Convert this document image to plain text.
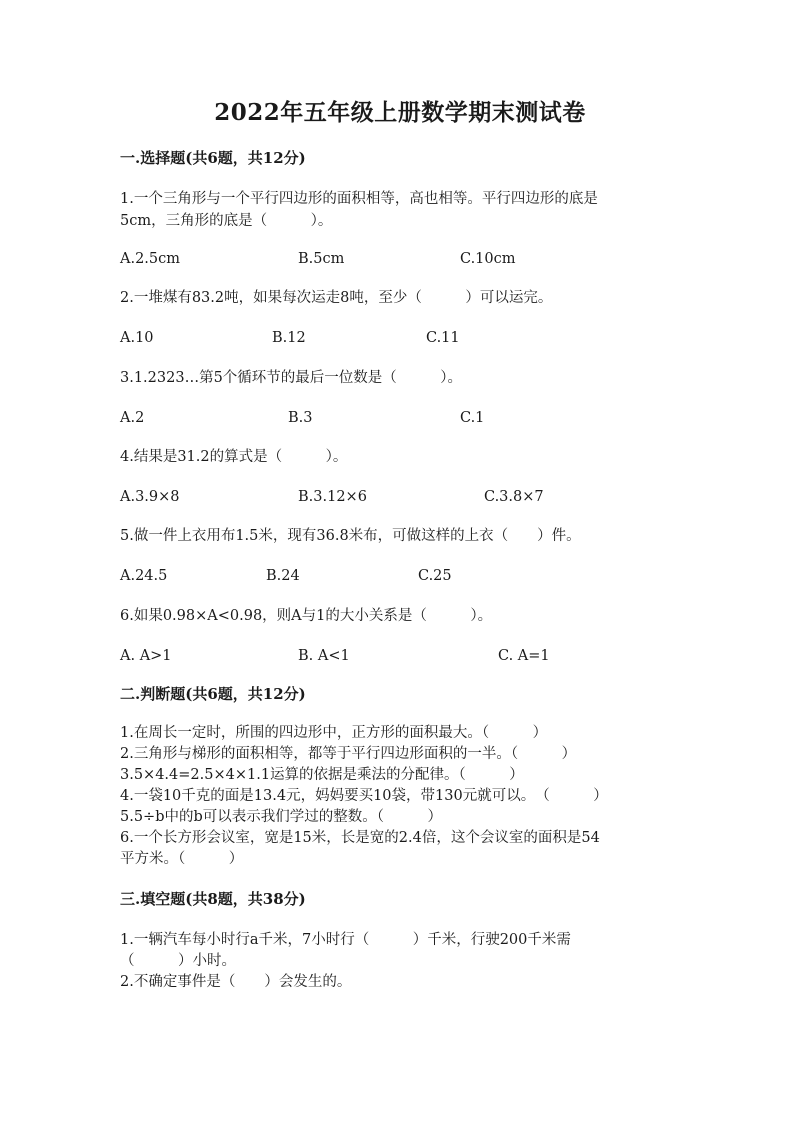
2022年五年级上册数学期末测试卷
一.选择题(共6题，共12分)
1.一个三角形与一个平行四边形的面积相等，高也相等。平行四边形的底是
5cm，三角形的底是（　　　）。
A.2.5cm	B.5cm	C.10cm
2.一堆煤有83.2吨，如果每次运走8吨，至少（　　　）可以运完。
A.10	B.12	C.11
3.1.2323…第5个循环节的最后一位数是（　　　）。
A.2	B.3	C.1
4.结果是31.2的算式是（　　　）。
A.3.9×8	B.3.12×6	C.3.8×7
5.做一件上衣用布1.5米，现有36.8米布，可做这样的上衣（　　）件。
A.24.5	B.24	C.25
6.如果0.98×A<0.98，则A与1的大小关系是（　　　）。
A. A>1	B. A<1	C. A=1
二.判断题(共6题，共12分)
1.在周长一定时，所围的四边形中，正方形的面积最大。（　　　）
2.三角形与梯形的面积相等，都等于平行四边形面积的一半。（　　　）
3.5×4.4=2.5×4×1.1运算的依据是乘法的分配律。（　　　）
4.一袋10千克的面是13.4元，妈妈要买10袋，带130元就可以。　（　　　）
5.5÷b中的b可以表示我们学过的整数。（　　　）
6.一个长方形会议室，宽是15米，长是宽的2.4倍，这个会议室的面积是54
平方米。（　　　）
三.填空题(共8题，共38分)
1.一辆汽车每小时行a千米，7小时行（　　　）千米，行驶200千米需
（　　　）小时。
2.不确定事件是（　　）会发生的。
